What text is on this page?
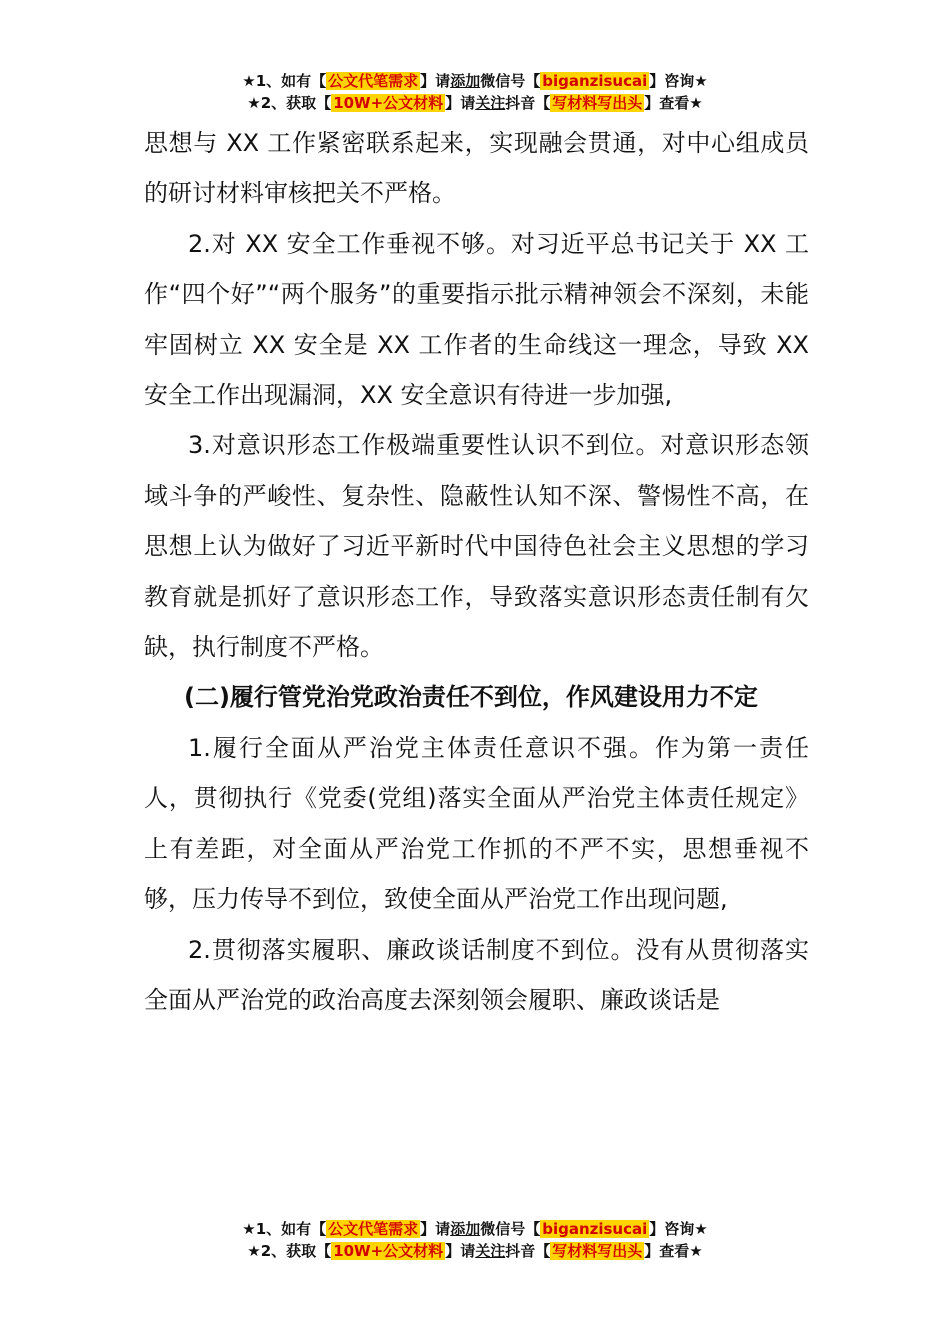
★1、如有【 公文代笔需求 】请添加微信号【 biganzisucai 】咨询★
★2、获取【 10W+公文材料 】请关注抖音【 写材料写出头 】查看★

思想与 XX 工作紧密联系起来，实现融会贯通，对中心组成员的研讨材料审核把关不严格。

2.对 XX 安全工作垂视不够。对习近平总书记关于 XX 工作“四个好”“两个服务”的重要指示批示精神领会不深刻，未能牢固树立 XX 安全是 XX 工作者的生命线这一理念，导致 XX 安全工作出现漏洞，XX 安全意识有待进一步加强,

3.对意识形态工作极端重要性认识不到位。对意识形态领域斗争的严峻性、复杂性、隐蔽性认知不深、警惕性不高，在思想上认为做好了习近平新时代中国待色社会主义思想的学习教育就是抓好了意识形态工作，导致落实意识形态责任制有欠缺，执行制度不严格。

(二)履行管党治党政治责任不到位，作风建设用力不定

1.履行全面从严治党主体责任意识不强。作为第一责任人，贯彻执行《党委(党组)落实全面从严治党主体责任规定》上有差距，对全面从严治党工作抓的不严不实，思想垂视不够，压力传导不到位，致使全面从严治党工作出现问题,

2.贯彻落实履职、廉政谈话制度不到位。没有从贯彻落实全面从严治党的政治高度去深刻领会履职、廉政谈话是

★1、如有【 公文代笔需求 】请添加微信号【 biganzisucai 】咨询★
★2、获取【 10W+公文材料 】请关注抖音【 写材料写出头 】查看★
